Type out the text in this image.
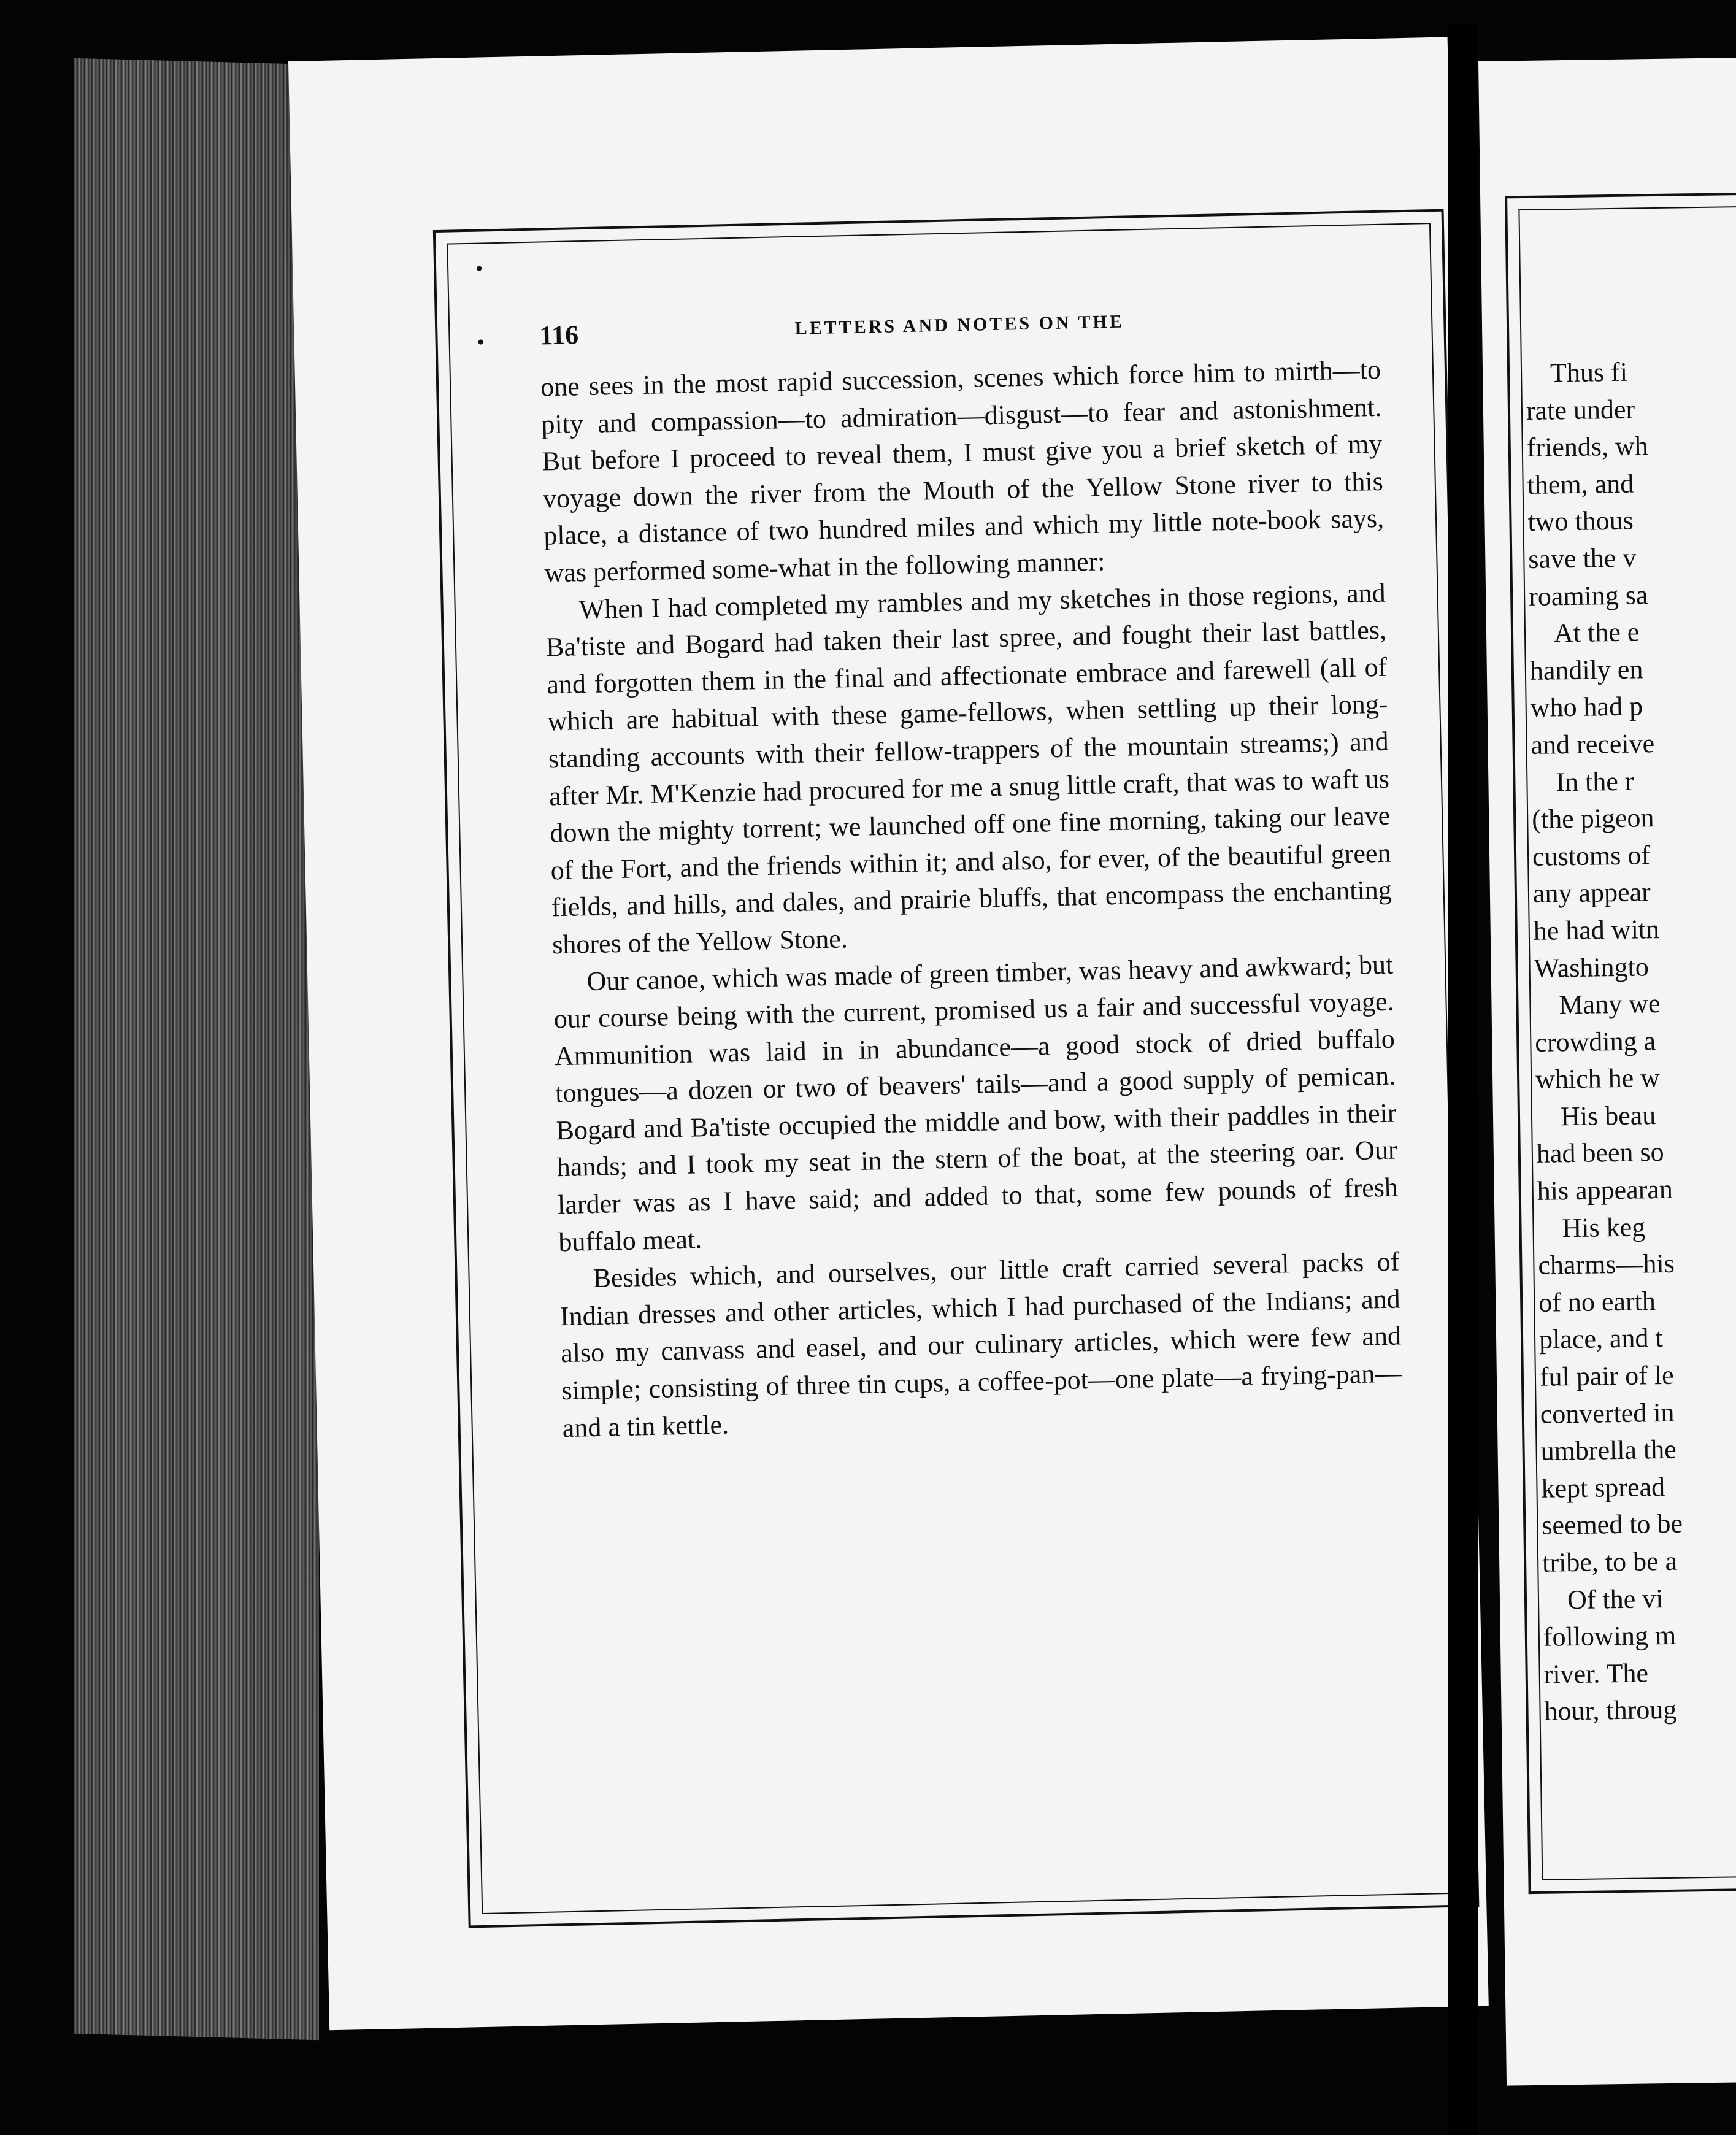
116	LETTERS AND NOTES ON THE

one sees in the most rapid succession, scenes which force him to mirth—to pity and compassion—to admiration—disgust—to fear and astonishment. But before I proceed to reveal them, I must give you a brief sketch of my voyage down the river from the Mouth of the Yellow Stone river to this place, a distance of two hundred miles and which my little note-book says, was performed some-what in the following manner:

When I had completed my rambles and my sketches in those regions, and Ba'tiste and Bogard had taken their last spree, and fought their last battles, and forgotten them in the final and affectionate embrace and farewell (all of which are habitual with these game-fellows, when settling up their long-standing accounts with their fellow-trappers of the mountain streams;) and after Mr. M'Kenzie had procured for me a snug little craft, that was to waft us down the mighty torrent; we launched off one fine morning, taking our leave of the Fort, and the friends within it; and also, for ever, of the beautiful green fields, and hills, and dales, and prairie bluffs, that encompass the enchanting shores of the Yellow Stone.

Our canoe, which was made of green timber, was heavy and awkward; but our course being with the current, promised us a fair and successful voyage. Ammunition was laid in in abundance—a good stock of dried buffalo tongues—a dozen or two of beavers' tails—and a good supply of pemican. Bogard and Ba'tiste occupied the middle and bow, with their paddles in their hands; and I took my seat in the stern of the boat, at the steering oar. Our larder was as I have said; and added to that, some few pounds of fresh buffalo meat.

Besides which, and ourselves, our little craft carried several packs of Indian dresses and other articles, which I had purchased of the Indians; and also my canvass and easel, and our culinary articles, which were few and simple; consisting of three tin cups, a coffee-pot—one plate—a frying-pan—and a tin kettle.

Thus fi
rate under
friends, wh
them, and
two thous
save the v
roaming sa
At the e
handily en
who had p
and receive
In the r
(the pigeon
customs of
any appear
he had witn
Washingto
Many we
crowding a
which he w
His beau
had been so
his appearan
His keg
charms—his
of no earth
place, and t
ful pair of le
converted in
umbrella the
kept spread
seemed to be
tribe, to be a
Of the vi
following m
river. The
hour, throug
